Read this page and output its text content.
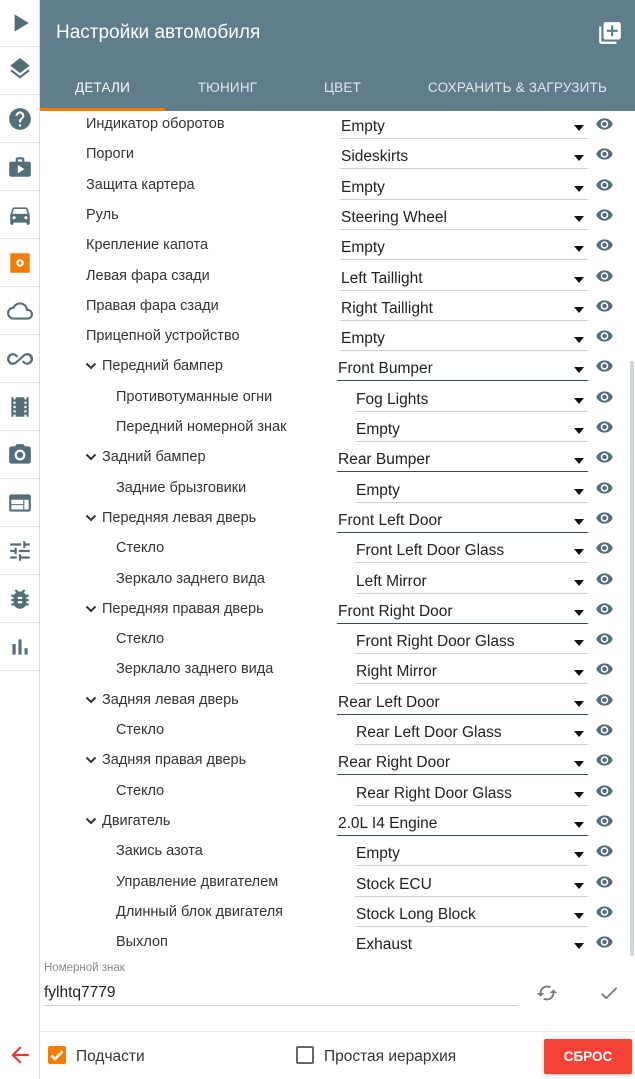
Настройки автомобиля
ДЕТАЛИ	ТЮНИНГ	ЦВЕТ	СОХРАНИТЬ & ЗАГРУЗИТЬ
Индикатор оборотов	Empty
Пороги	Sideskirts
Защита картера	Empty
Руль	Steering Wheel
Крепление капота	Empty
Левая фара сзади	Left Taillight
Правая фара сзади	Right Taillight
Прицепной устройство	Empty
Передний бампер	Front Bumper
Противотуманные огни	Fog Lights
Передний номерной знак	Empty
Задний бампер	Rear Bumper
Задние брызговики	Empty
Передняя левая дверь	Front Left Door
Стекло	Front Left Door Glass
Зеркало заднего вида	Left Mirror
Передняя правая дверь	Front Right Door
Стекло	Front Right Door Glass
Зерклало заднего вида	Right Mirror
Задняя левая дверь	Rear Left Door
Стекло	Rear Left Door Glass
Задняя правая дверь	Rear Right Door
Стекло	Rear Right Door Glass
Двигатель	2.0L I4 Engine
Закись азота	Empty
Управление двигателем	Stock ECU
Длинный блок двигателя	Stock Long Block
Выхлоп	Exhaust
Номерной знак
fylhtq7779
Подчасти	Простая иерархия	СБРОС
